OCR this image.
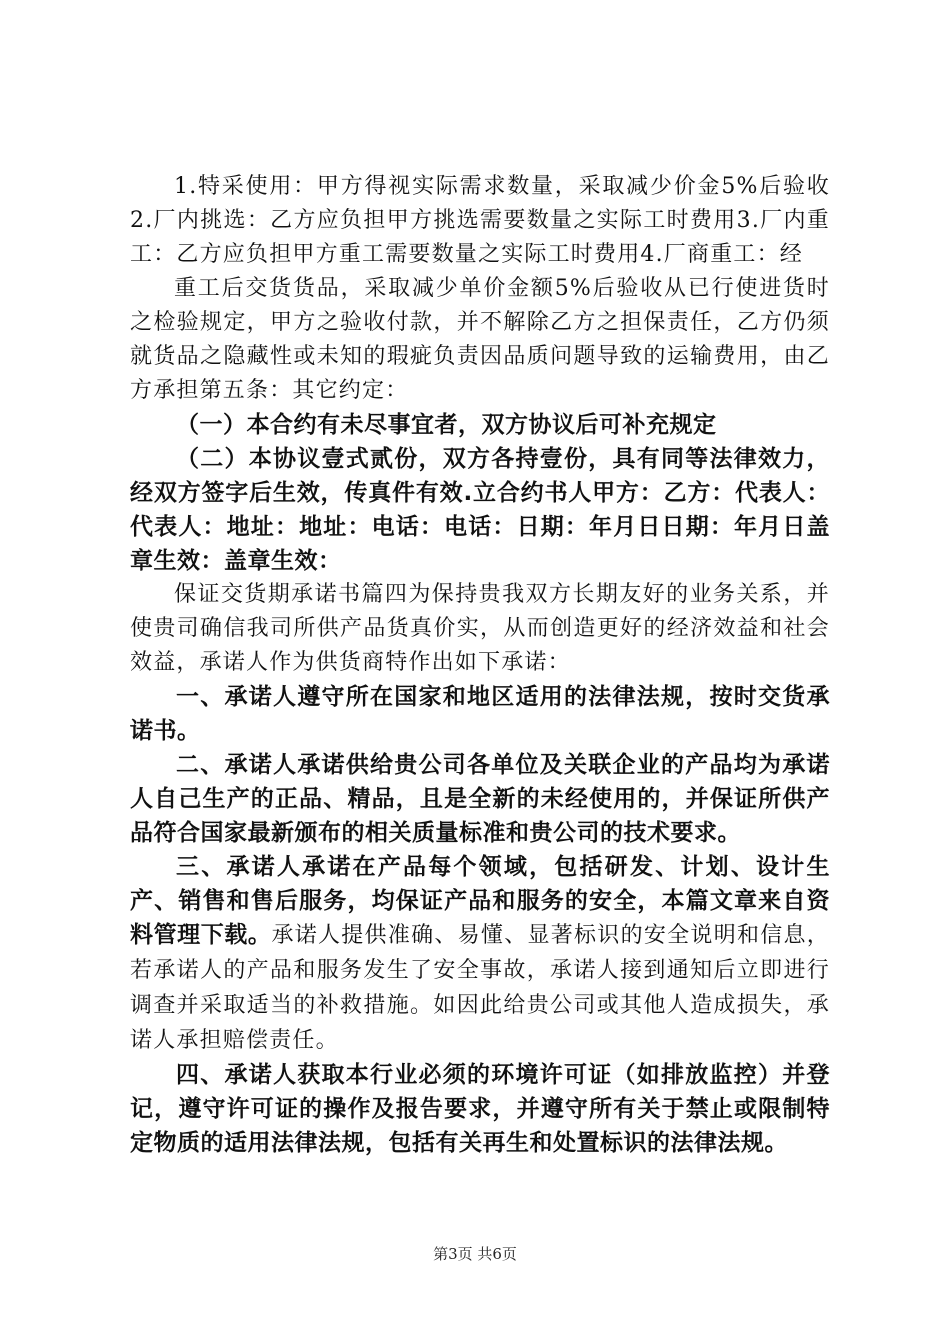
1.特采使用：甲方得视实际需求数量，采取减少价金5%后验收2.厂内挑选：乙方应负担甲方挑选需要数量之实际工时费用3.厂内重工：乙方应负担甲方重工需要数量之实际工时费用4.厂商重工：经

重工后交货货品，采取减少单价金额5%后验收从已行使进货时之检验规定，甲方之验收付款，并不解除乙方之担保责任，乙方仍须就货品之隐藏性或未知的瑕疵负责因品质问题导致的运输费用，由乙方承担第五条：其它约定：

（一）本合约有未尽事宜者，双方协议后可补充规定

（二）本协议壹式贰份，双方各持壹份，具有同等法律效力，经双方签字后生效，传真件有效.立合约书人甲方：乙方：代表人：代表人：地址：地址：电话：电话：日期：年月日日期：年月日盖章生效：盖章生效：

保证交货期承诺书篇四为保持贵我双方长期友好的业务关系，并使贵司确信我司所供产品货真价实，从而创造更好的经济效益和社会效益，承诺人作为供货商特作出如下承诺：

一、承诺人遵守所在国家和地区适用的法律法规，按时交货承诺书。

二、承诺人承诺供给贵公司各单位及关联企业的产品均为承诺人自己生产的正品、精品，且是全新的未经使用的，并保证所供产品符合国家最新颁布的相关质量标准和贵公司的技术要求。

三、承诺人承诺在产品每个领域，包括研发、计划、设计生产、销售和售后服务，均保证产品和服务的安全，本篇文章来自资料管理下载。承诺人提供准确、易懂、显著标识的安全说明和信息，若承诺人的产品和服务发生了安全事故，承诺人接到通知后立即进行调查并采取适当的补救措施。如因此给贵公司或其他人造成损失，承诺人承担赔偿责任。

四、承诺人获取本行业必须的环境许可证（如排放监控）并登记，遵守许可证的操作及报告要求，并遵守所有关于禁止或限制特定物质的适用法律法规，包括有关再生和处置标识的法律法规。

第3页 共6页
